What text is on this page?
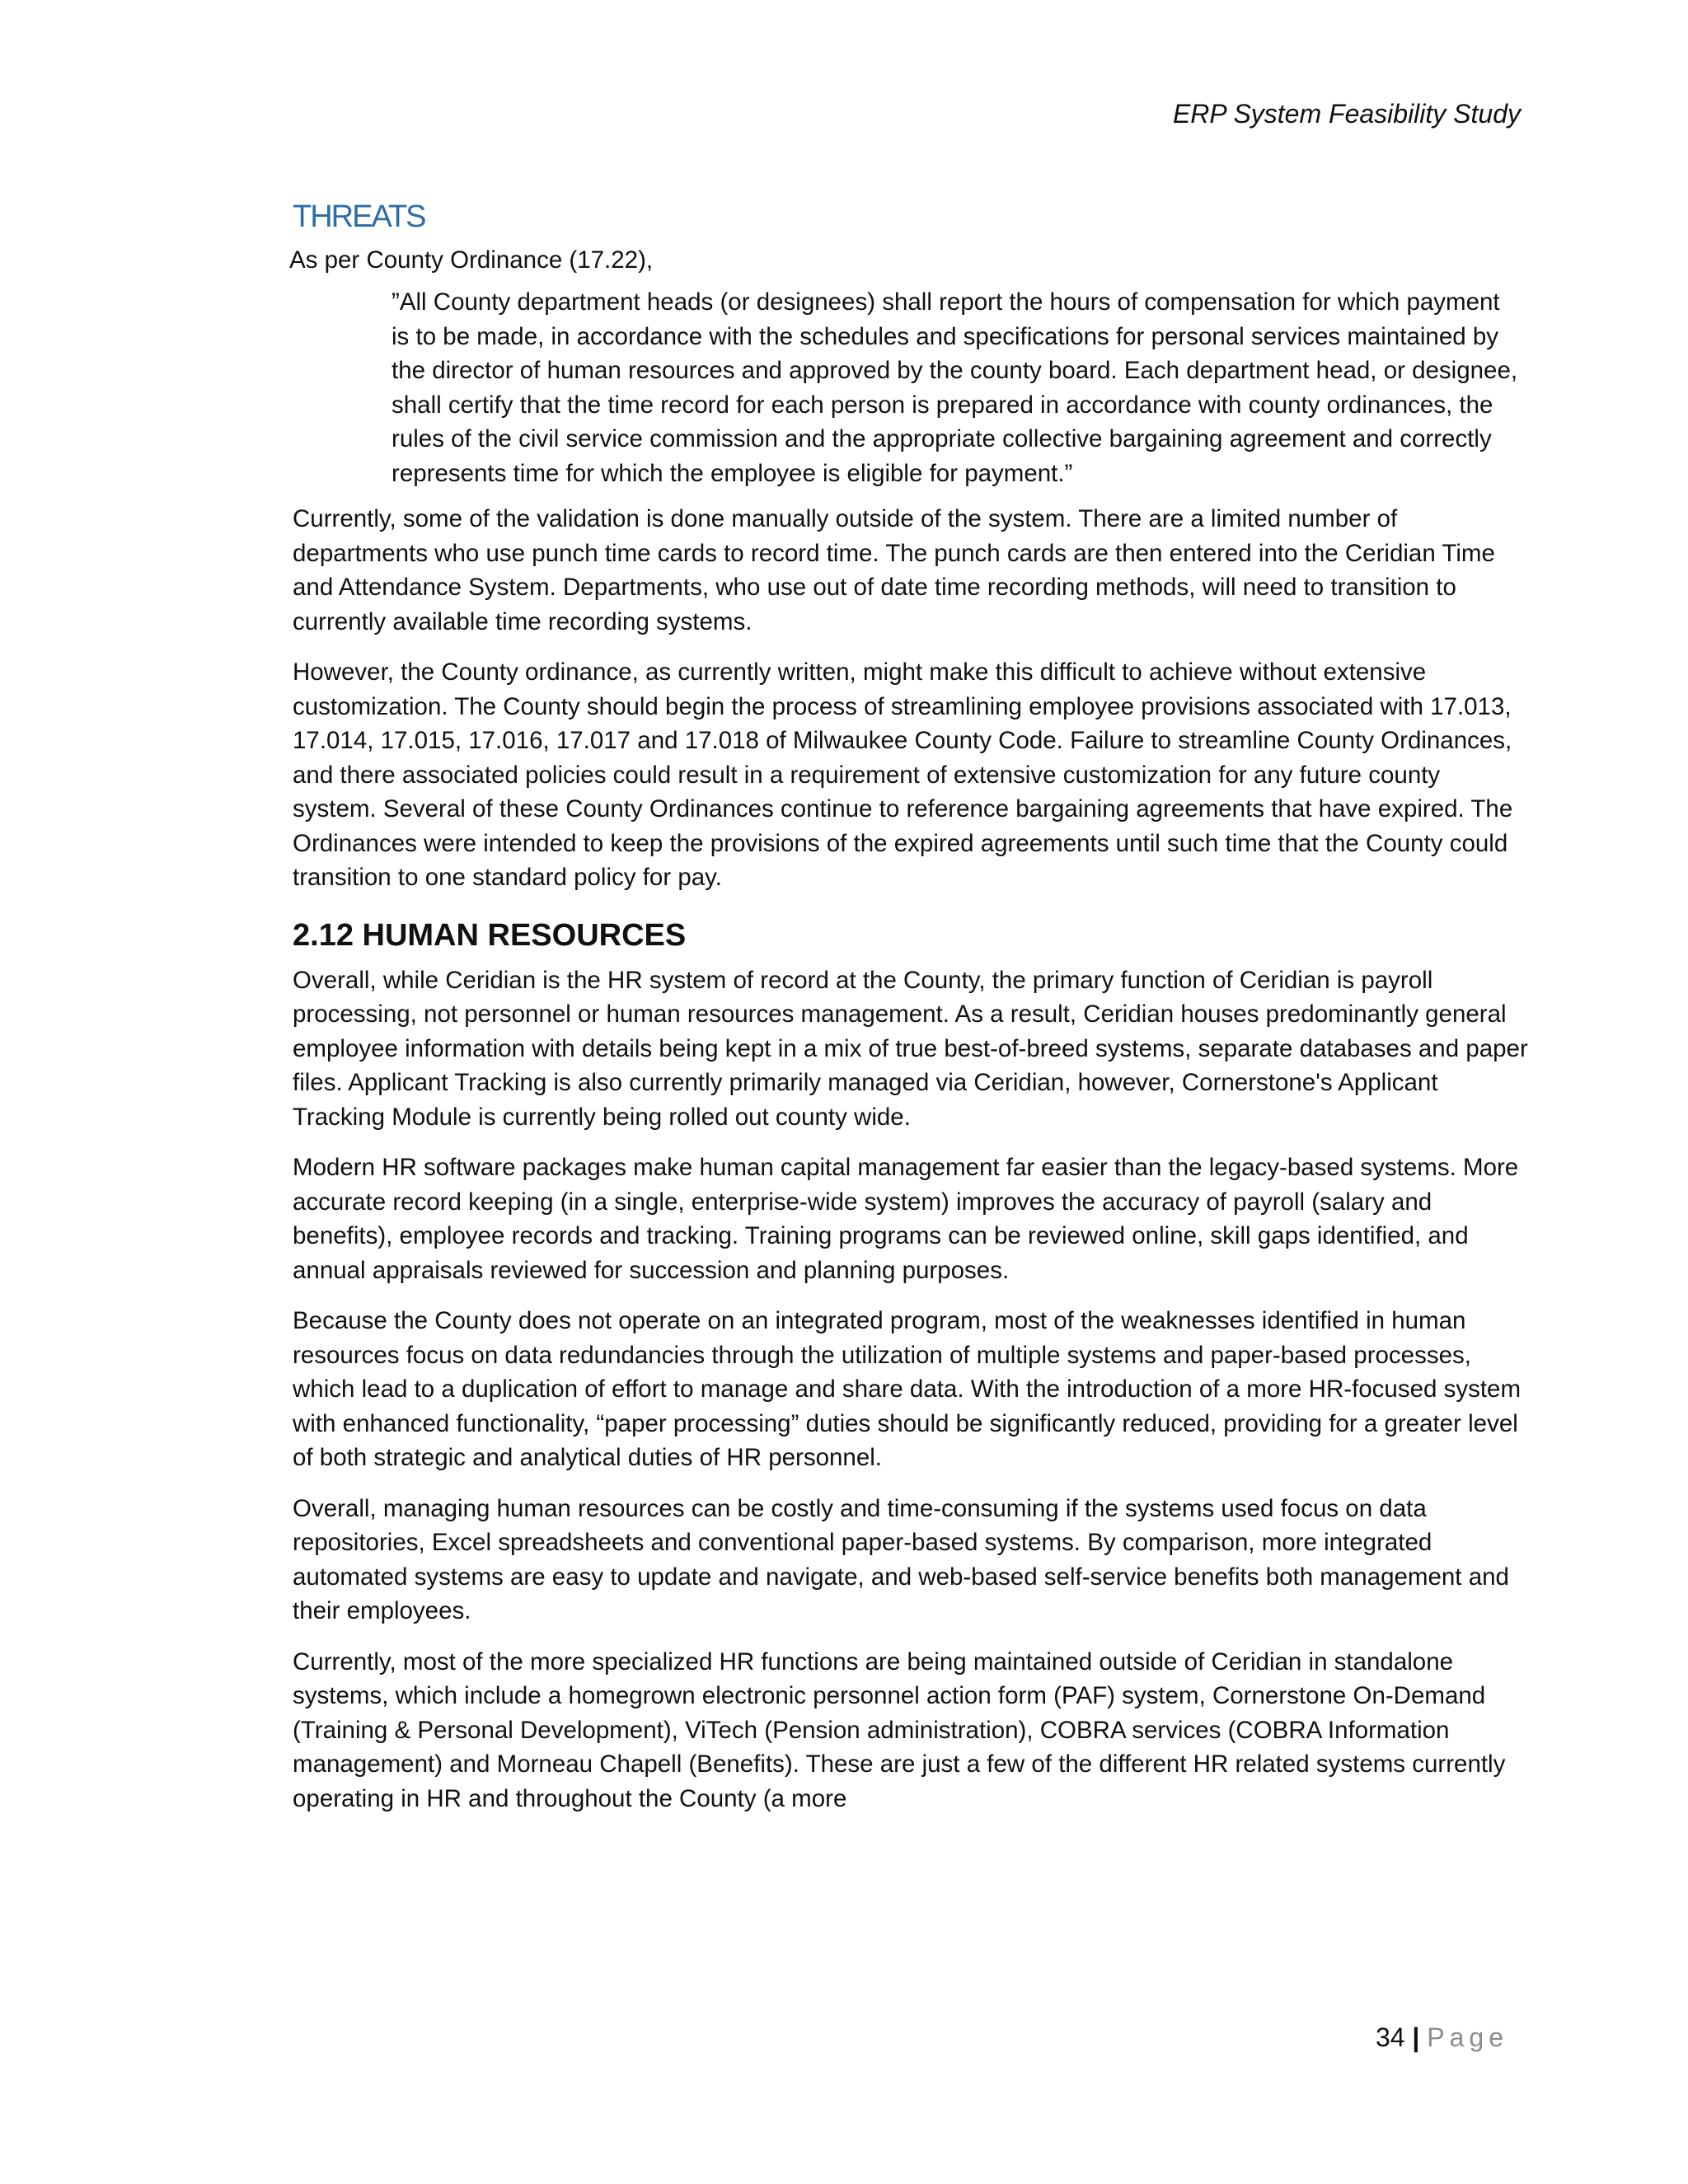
ERP System Feasibility Study

THREATS

As per County Ordinance (17.22),

”All County department heads (or designees) shall report the hours of compensation for which payment is to be made, in accordance with the schedules and specifications for personal services maintained by the director of human resources and approved by the county board. Each department head, or designee, shall certify that the time record for each person is prepared in accordance with county ordinances, the rules of the civil service commission and the appropriate collective bargaining agreement and correctly represents time for which the employee is eligible for payment.”

Currently, some of the validation is done manually outside of the system. There are a limited number of departments who use punch time cards to record time. The punch cards are then entered into the Ceridian Time and Attendance System. Departments, who use out of date time recording methods, will need to transition to currently available time recording systems.

However, the County ordinance, as currently written, might make this difficult to achieve without extensive customization. The County should begin the process of streamlining employee provisions associated with 17.013, 17.014, 17.015, 17.016, 17.017 and 17.018 of Milwaukee County Code. Failure to streamline County Ordinances, and there associated policies could result in a requirement of extensive customization for any future county system. Several of these County Ordinances continue to reference bargaining agreements that have expired. The Ordinances were intended to keep the provisions of the expired agreements until such time that the County could transition to one standard policy for pay.

2.12 HUMAN RESOURCES

Overall, while Ceridian is the HR system of record at the County, the primary function of Ceridian is payroll processing, not personnel or human resources management. As a result, Ceridian houses predominantly general employee information with details being kept in a mix of true best-of-breed systems, separate databases and paper files. Applicant Tracking is also currently primarily managed via Ceridian, however, Cornerstone's Applicant Tracking Module is currently being rolled out county wide.

Modern HR software packages make human capital management far easier than the legacy-based systems. More accurate record keeping (in a single, enterprise-wide system) improves the accuracy of payroll (salary and benefits), employee records and tracking. Training programs can be reviewed online, skill gaps identified, and annual appraisals reviewed for succession and planning purposes.

Because the County does not operate on an integrated program, most of the weaknesses identified in human resources focus on data redundancies through the utilization of multiple systems and paper-based processes, which lead to a duplication of effort to manage and share data. With the introduction of a more HR-focused system with enhanced functionality, “paper processing” duties should be significantly reduced, providing for a greater level of both strategic and analytical duties of HR personnel.

Overall, managing human resources can be costly and time-consuming if the systems used focus on data repositories, Excel spreadsheets and conventional paper-based systems. By comparison, more integrated automated systems are easy to update and navigate, and web-based self-service benefits both management and their employees.

Currently, most of the more specialized HR functions are being maintained outside of Ceridian in standalone systems, which include a homegrown electronic personnel action form (PAF) system, Cornerstone On-Demand (Training & Personal Development), ViTech (Pension administration), COBRA services (COBRA Information management) and Morneau Chapell (Benefits). These are just a few of the different HR related systems currently operating in HR and throughout the County (a more

34 | Page
